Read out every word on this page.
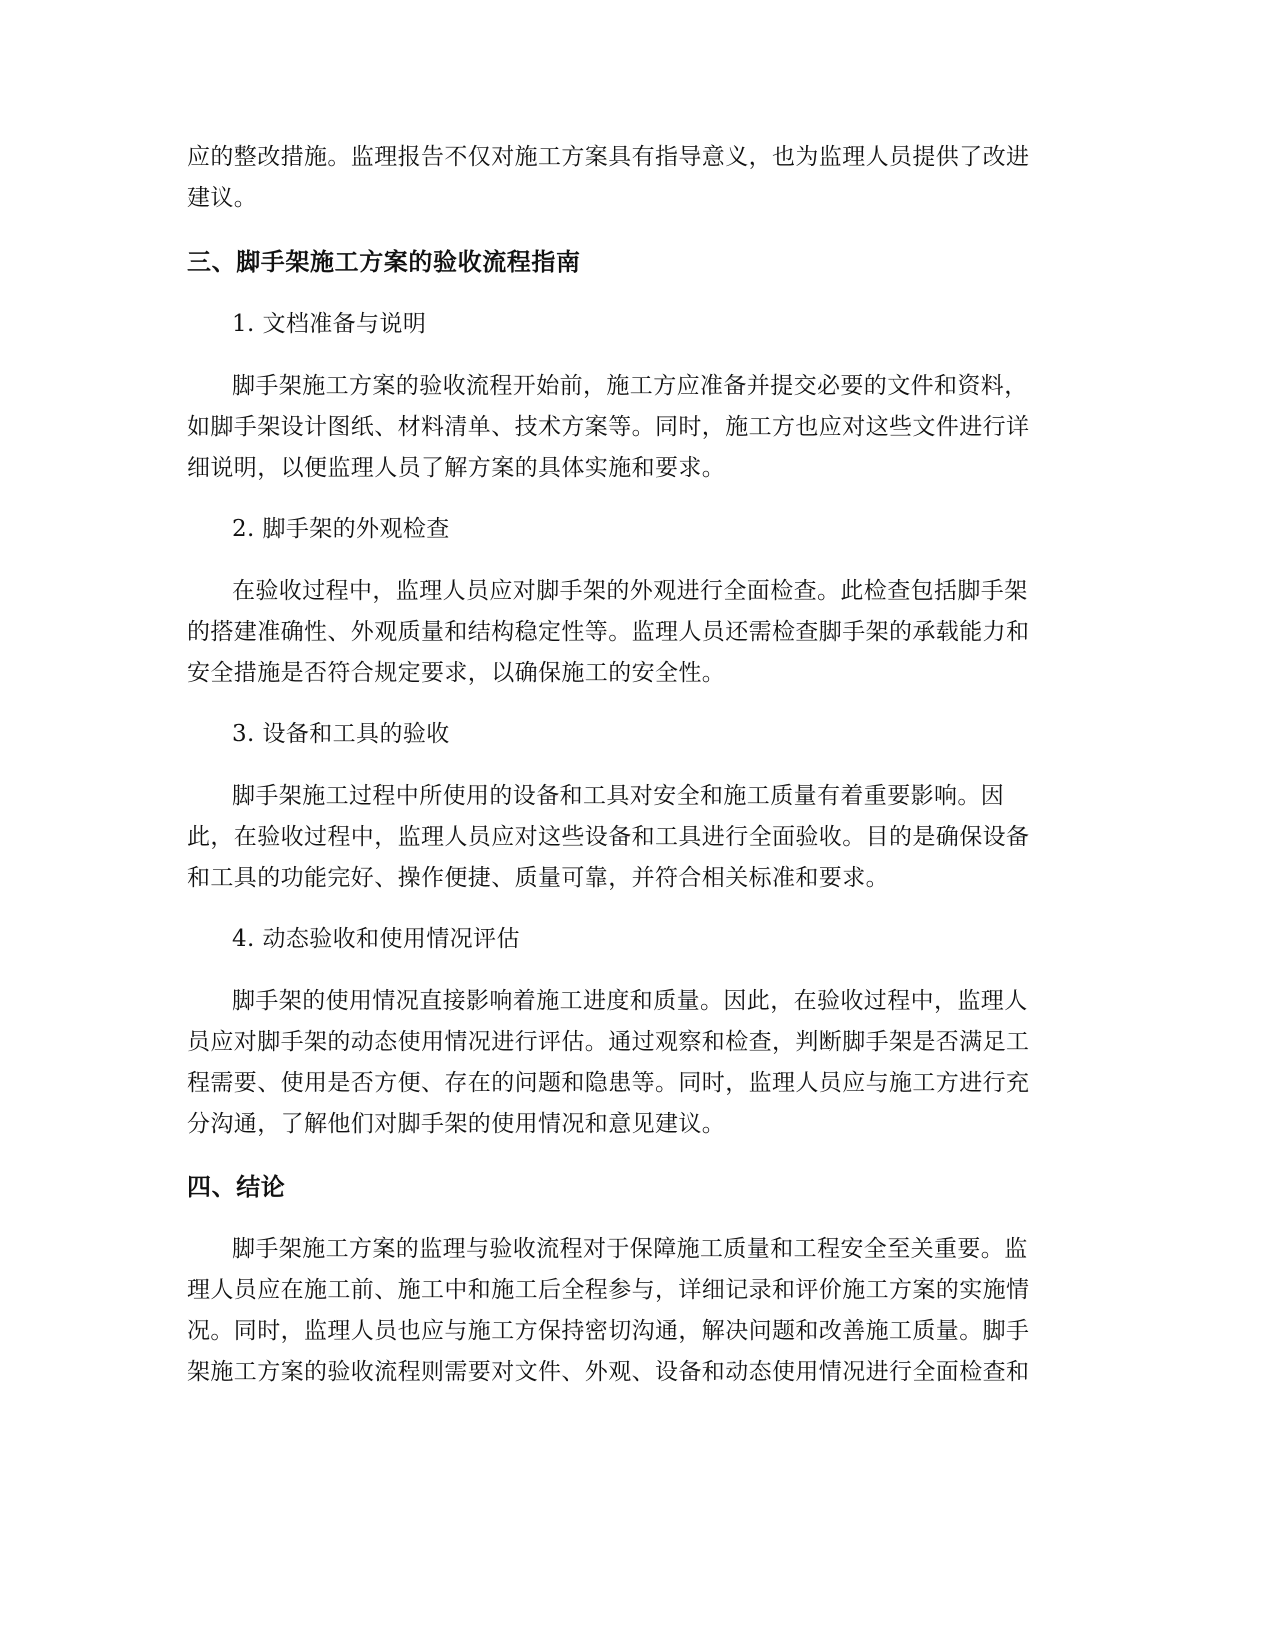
应的整改措施。监理报告不仅对施工方案具有指导意义，也为监理人员提供了改进

建议。

三、脚手架施工方案的验收流程指南

1. 文档准备与说明

脚手架施工方案的验收流程开始前，施工方应准备并提交必要的文件和资料，

如脚手架设计图纸、材料清单、技术方案等。同时，施工方也应对这些文件进行详

细说明，以便监理人员了解方案的具体实施和要求。

2. 脚手架的外观检查

在验收过程中，监理人员应对脚手架的外观进行全面检查。此检查包括脚手架

的搭建准确性、外观质量和结构稳定性等。监理人员还需检查脚手架的承载能力和

安全措施是否符合规定要求，以确保施工的安全性。

3. 设备和工具的验收

脚手架施工过程中所使用的设备和工具对安全和施工质量有着重要影响。因

此，在验收过程中，监理人员应对这些设备和工具进行全面验收。目的是确保设备

和工具的功能完好、操作便捷、质量可靠，并符合相关标准和要求。

4. 动态验收和使用情况评估

脚手架的使用情况直接影响着施工进度和质量。因此，在验收过程中，监理人

员应对脚手架的动态使用情况进行评估。通过观察和检查，判断脚手架是否满足工

程需要、使用是否方便、存在的问题和隐患等。同时，监理人员应与施工方进行充

分沟通，了解他们对脚手架的使用情况和意见建议。

四、结论

脚手架施工方案的监理与验收流程对于保障施工质量和工程安全至关重要。监

理人员应在施工前、施工中和施工后全程参与，详细记录和评价施工方案的实施情

况。同时，监理人员也应与施工方保持密切沟通，解决问题和改善施工质量。脚手

架施工方案的验收流程则需要对文件、外观、设备和动态使用情况进行全面检查和
